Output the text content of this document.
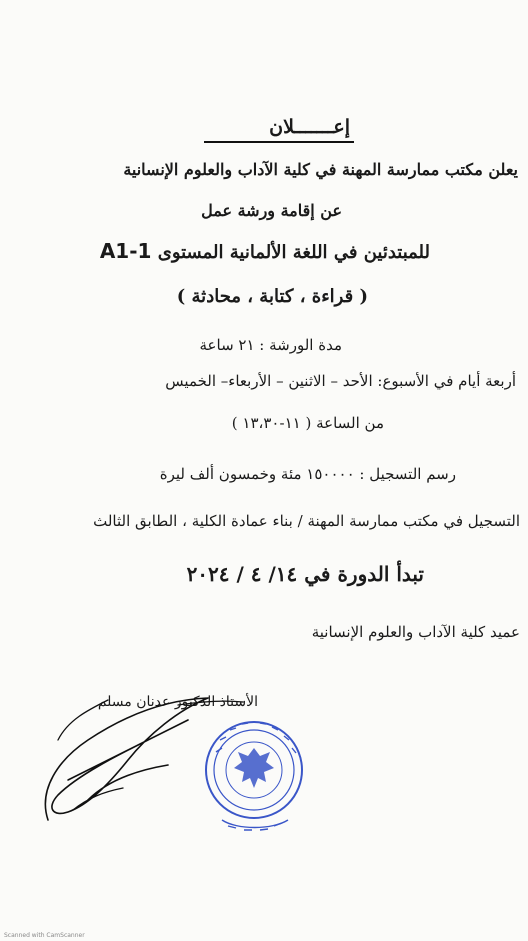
إعـــــــلان
يعلن مكتب ممارسة المهنة في كلية الآداب والعلوم الإنسانية
عن إقامة ورشة عمل
للمبتدئين في اللغة الألمانية المستوى A1-1
( قراءة ، كتابة ، محادثة )
مدة الورشة : ٢١ ساعة
أربعة أيام في الأسبوع: الأحد – الاثنين – الأربعاء– الخميس
من الساعة ( ١١-١٣،٣٠ )
رسم التسجيل : ١٥٠٠٠٠ مئة وخمسون ألف ليرة
التسجيل في مكتب ممارسة المهنة / بناء عمادة الكلية ، الطابق الثالث
تبدأ الدورة في ١٤/ ٤ / ٢٠٢٤
عميد كلية الآداب والعلوم الإنسانية
الأستاذ الدكتور عدنان مسلم
Scanned with CamScanner
